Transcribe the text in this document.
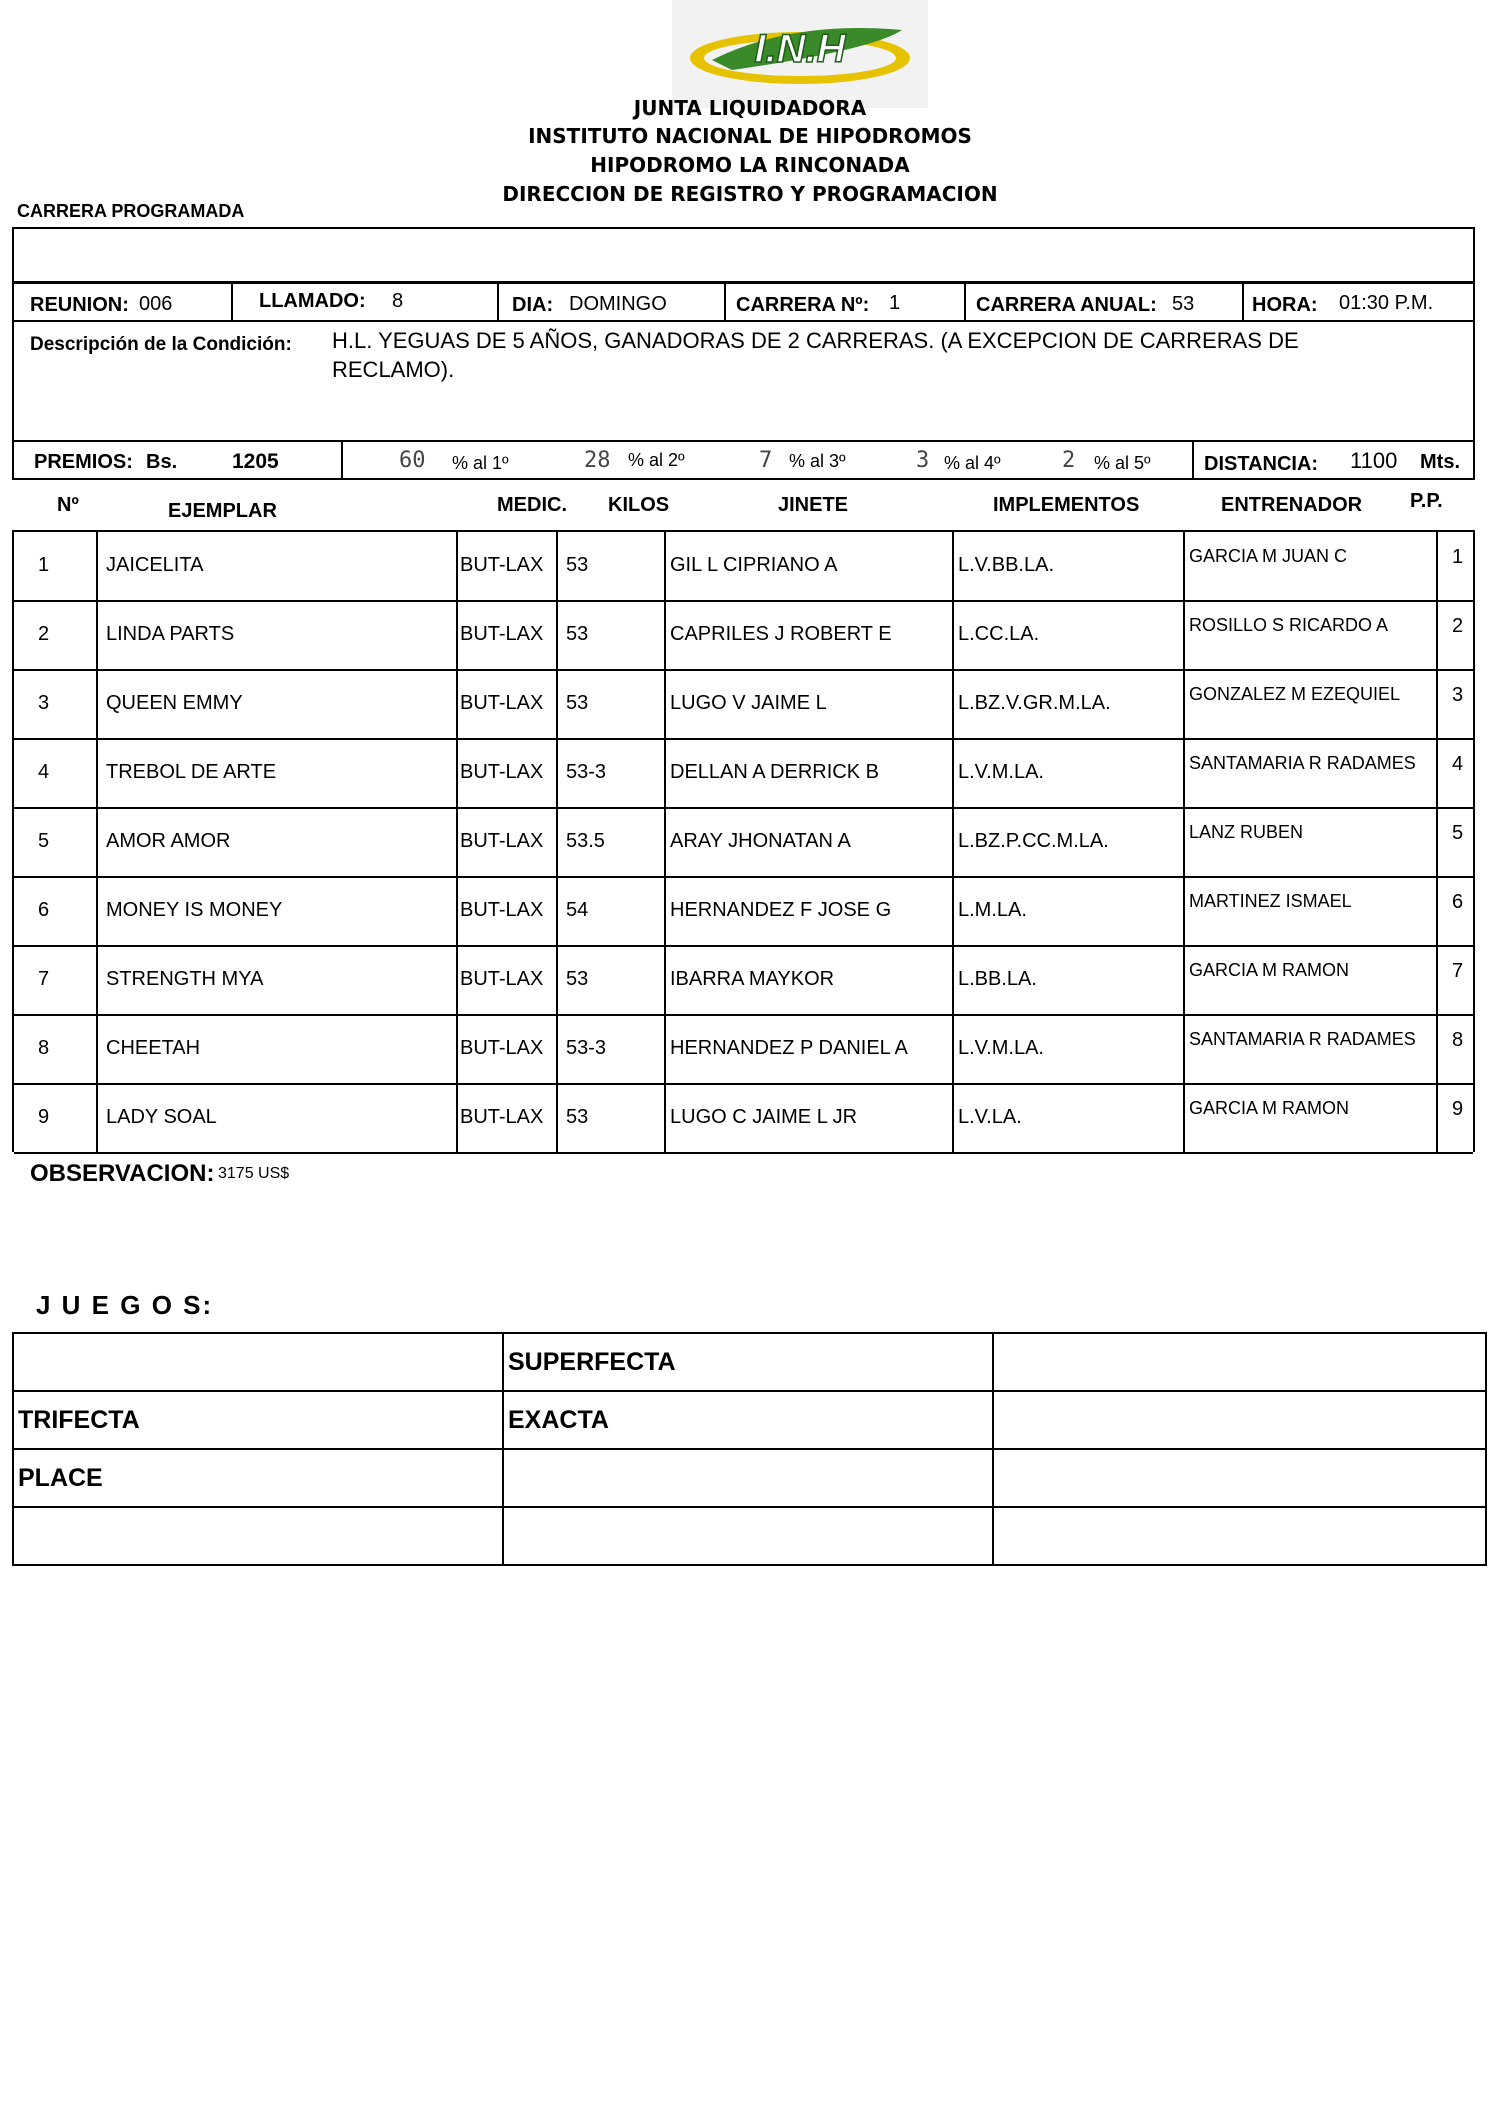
I.N.H
JUNTA LIQUIDADORA
INSTITUTO NACIONAL DE HIPODROMOS
HIPODROMO LA RINCONADA
DIRECCION DE REGISTRO Y PROGRAMACION
CARRERA PROGRAMADA
REUNION: 006	LLAMADO: 8	DIA: DOMINGO	CARRERA Nº: 1	CARRERA ANUAL: 53	HORA: 01:30 P.M.
Descripción de la Condición: H.L. YEGUAS DE 5 AÑOS, GANADORAS DE 2 CARRERAS. (A EXCEPCION DE CARRERAS DE RECLAMO).
PREMIOS: Bs.	1205	60 % al 1º	28 % al 2º	7 % al 3º	3 % al 4º	2 % al 5º	DISTANCIA: 1100 Mts.
Nº	EJEMPLAR	MEDIC. KILOS	JINETE	IMPLEMENTOS	ENTRENADOR P.P.
1	JAICELITA	BUT-LAX 53	GIL L CIPRIANO A	L.V.BB.LA.	GARCIA M JUAN C	1
2	LINDA PARTS	BUT-LAX 53	CAPRILES J ROBERT E	L.CC.LA.	ROSILLO S RICARDO A	2
3	QUEEN EMMY	BUT-LAX 53	LUGO V JAIME L	L.BZ.V.GR.M.LA.	GONZALEZ M EZEQUIEL	3
4	TREBOL DE ARTE	BUT-LAX 53-3	DELLAN A DERRICK B	L.V.M.LA.	SANTAMARIA R RADAMES 4
5	AMOR AMOR	BUT-LAX 53.5	ARAY JHONATAN A	L.BZ.P.CC.M.LA.	LANZ RUBEN	5
6	MONEY IS MONEY	BUT-LAX 54	HERNANDEZ F JOSE G	L.M.LA.	MARTINEZ ISMAEL	6
7	STRENGTH MYA	BUT-LAX 53	IBARRA MAYKOR	L.BB.LA.	GARCIA M RAMON	7
8	CHEETAH	BUT-LAX 53-3	HERNANDEZ P DANIEL A	L.V.M.LA.	SANTAMARIA R RADAMES 8
9	LADY SOAL	BUT-LAX 53	LUGO C JAIME L JR	L.V.LA.	GARCIA M RAMON	9
OBSERVACION: 3175 US$
J U E G O S:
	SUPERFECTA	
TRIFECTA	EXACTA	
PLACE		
